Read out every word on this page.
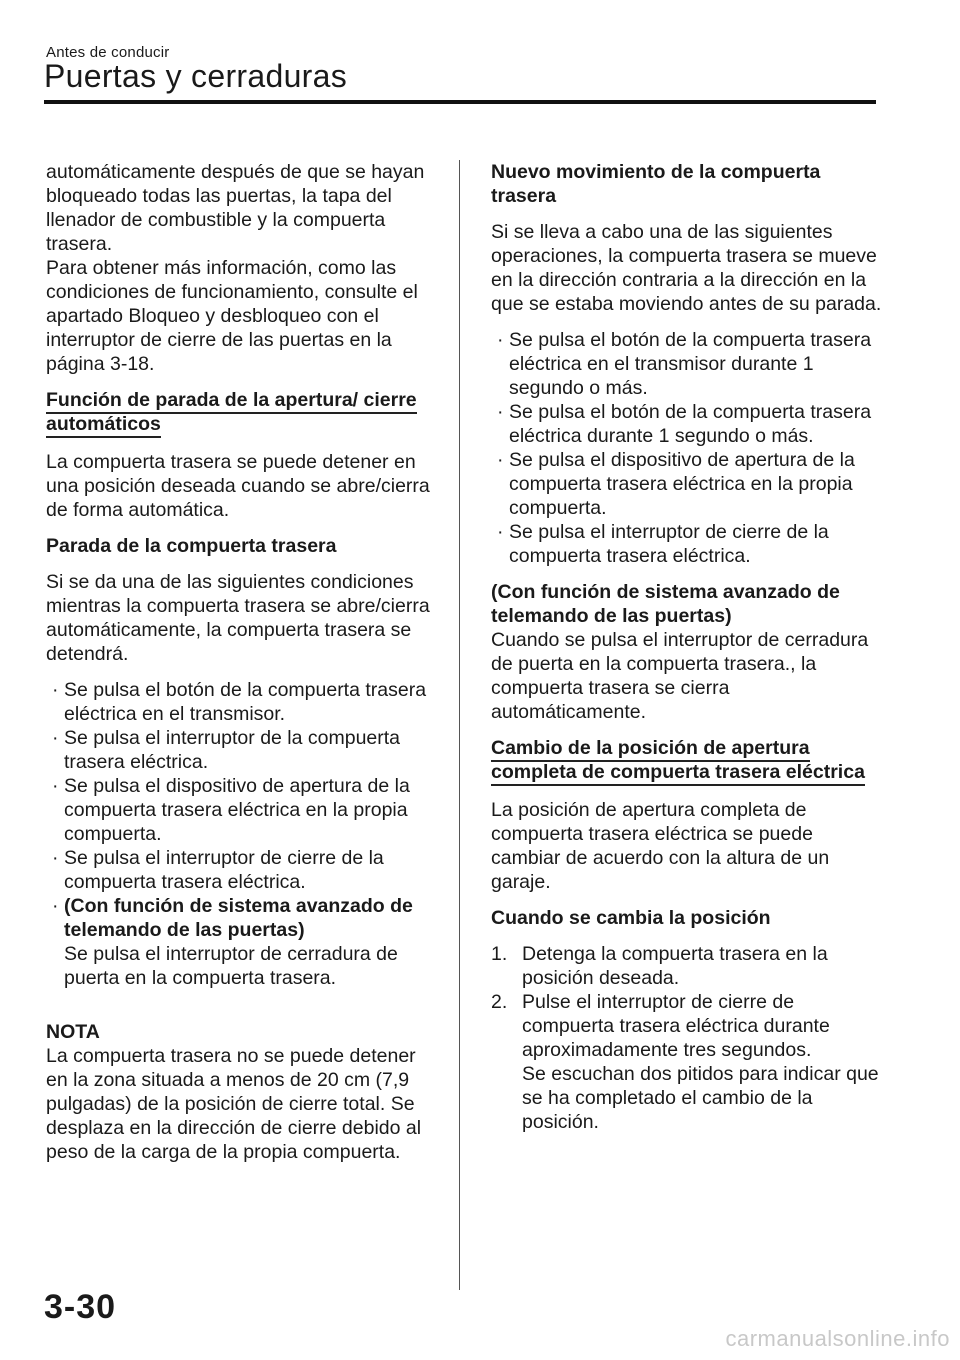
Antes de conducir
Puertas y cerraduras

automáticamente después de que se hayan bloqueado todas las puertas, la tapa del llenador de combustible y la compuerta trasera.
Para obtener más información, como las condiciones de funcionamiento, consulte el apartado Bloqueo y desbloqueo con el interruptor de cierre de las puertas en la página 3-18.

Función de parada de la apertura/ cierre automáticos

La compuerta trasera se puede detener en una posición deseada cuando se abre/cierra de forma automática.

Parada de la compuerta trasera

Si se da una de las siguientes condiciones mientras la compuerta trasera se abre/cierra automáticamente, la compuerta trasera se detendrá.

· Se pulsa el botón de la compuerta trasera eléctrica en el transmisor.
· Se pulsa el interruptor de la compuerta trasera eléctrica.
· Se pulsa el dispositivo de apertura de la compuerta trasera eléctrica en la propia compuerta.
· Se pulsa el interruptor de cierre de la compuerta trasera eléctrica.
· (Con función de sistema avanzado de telemando de las puertas)
Se pulsa el interruptor de cerradura de puerta en la compuerta trasera.
NOTA

La compuerta trasera no se puede detener en la zona situada a menos de 20 cm (7,9 pulgadas) de la posición de cierre total. Se desplaza en la dirección de cierre debido al peso de la carga de la propia compuerta.

Nuevo movimiento de la compuerta trasera

Si se lleva a cabo una de las siguientes operaciones, la compuerta trasera se mueve en la dirección contraria a la dirección en la que se estaba moviendo antes de su parada.

· Se pulsa el botón de la compuerta trasera eléctrica en el transmisor durante 1 segundo o más.
· Se pulsa el botón de la compuerta trasera eléctrica durante 1 segundo o más.
· Se pulsa el dispositivo de apertura de la compuerta trasera eléctrica en la propia compuerta.
· Se pulsa el interruptor de cierre de la compuerta trasera eléctrica.

(Con función de sistema avanzado de telemando de las puertas)
Cuando se pulsa el interruptor de cerradura de puerta en la compuerta trasera., la compuerta trasera se cierra automáticamente.

Cambio de la posición de apertura completa de compuerta trasera eléctrica

La posición de apertura completa de compuerta trasera eléctrica se puede cambiar de acuerdo con la altura de un garaje.

Cuando se cambia la posición

1. Detenga la compuerta trasera en la posición deseada.
2. Pulse el interruptor de cierre de compuerta trasera eléctrica durante aproximadamente tres segundos.
Se escuchan dos pitidos para indicar que se ha completado el cambio de la posición.
3-30
carmanualsonline.info
